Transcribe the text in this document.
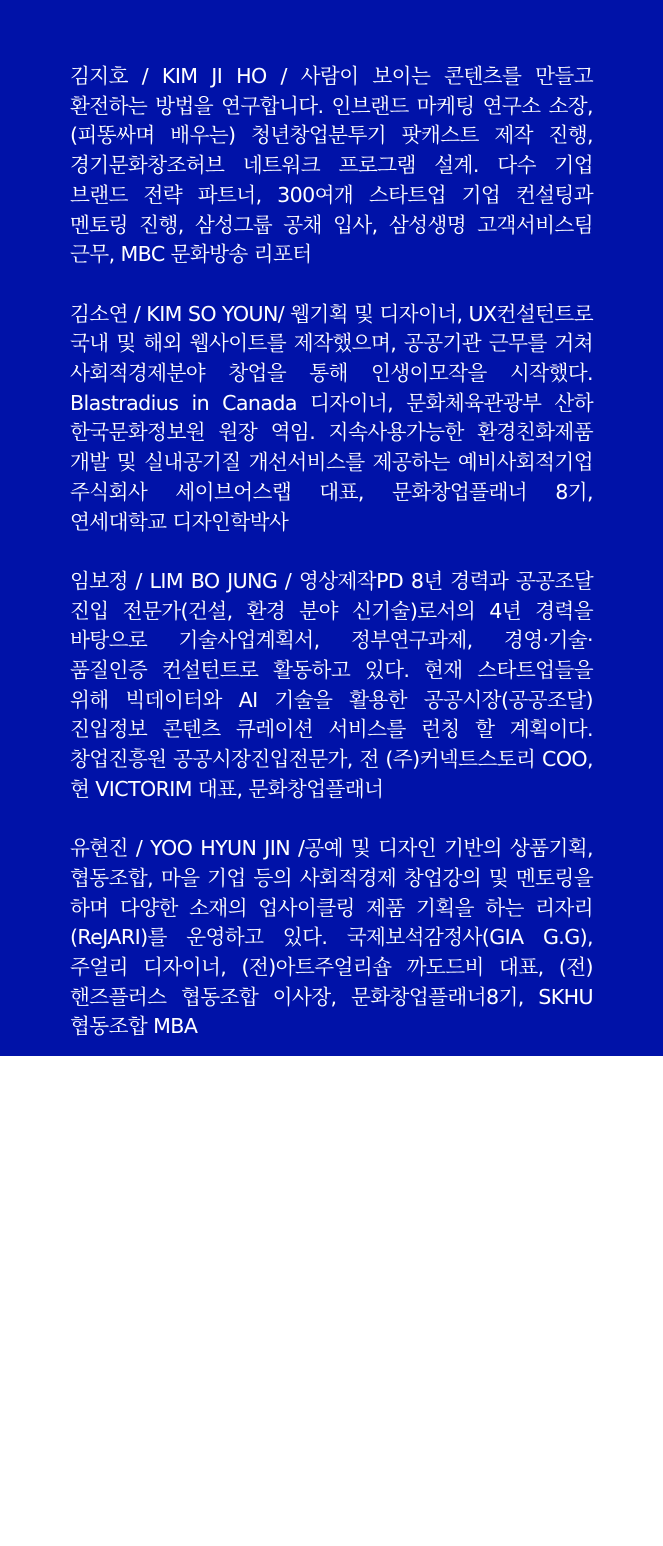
김지호 / KIM JI HO / 사람이 보이는 콘텐츠를 만들고 환전하는 방법을 연구합니다. 인브랜드 마케팅 연구소 소장, (피똥싸며 배우는) 청년창업분투기 팟캐스트 제작 진행, 경기문화창조허브 네트워크 프로그램 설계. 다수 기업 브랜드 전략 파트너, 300여개 스타트업 기업 컨설팅과 멘토링 진행, 삼성그룹 공채 입사, 삼성생명 고객서비스팀 근무, MBC 문화방송 리포터

김소연 / KIM SO YOUN/ 웹기획 및 디자이너, UX컨설턴트로 국내 및 해외 웹사이트를 제작했으며, 공공기관 근무를 거쳐 사회적경제분야 창업을 통해 인생이모작을 시작했다. Blastradius in Canada 디자이너, 문화체육관광부 산하 한국문화정보원 원장 역임. 지속사용가능한 환경친화제품 개발 및 실내공기질 개선서비스를 제공하는 예비사회적기업 주식회사 세이브어스랩 대표, 문화창업플래너 8기, 연세대학교 디자인학박사

임보정 / LIM BO JUNG / 영상제작PD 8년 경력과 공공조달 진입 전문가(건설, 환경 분야 신기술)로서의 4년 경력을 바탕으로 기술사업계획서, 정부연구과제, 경영·기술·품질인증 컨설턴트로 활동하고 있다. 현재 스타트업들을 위해 빅데이터와 AI 기술을 활용한 공공시장(공공조달) 진입정보 콘텐츠 큐레이션 서비스를 런칭 할 계획이다. 창업진흥원 공공시장진입전문가, 전 (주)커넥트스토리 COO, 현 VICTORIM 대표, 문화창업플래너

유현진 / YOO HYUN JIN /공예 및 디자인 기반의 상품기획, 협동조합, 마을 기업 등의 사회적경제 창업강의 및 멘토링을 하며 다양한 소재의 업사이클링 제품 기획을 하는 리자리(ReJARI)를 운영하고 있다. 국제보석감정사(GIA G.G), 주얼리 디자이너, (전)아트주얼리숍 까도드비 대표, (전)핸즈플러스 협동조합 이사장, 문화창업플래너8기, SKHU 협동조합 MBA
